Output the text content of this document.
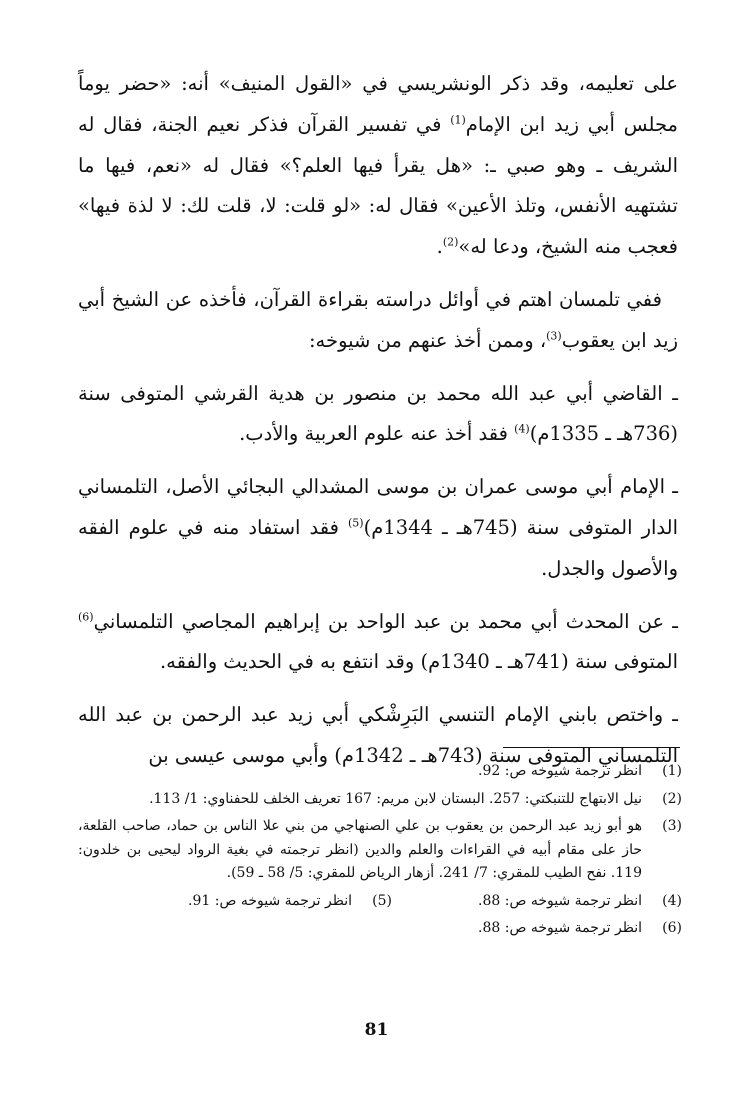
على تعليمه، وقد ذكر الونشريسي في «القول المنيف» أنه: «حضر يوماً مجلس أبي زيد ابن الإمام$^{(1)}$ في تفسير القرآن فذكر نعيم الجنة، فقال له الشريف ـ وهو صبي ـ: «هل يقرأ فيها العلم؟» فقال له «نعم، فيها ما تشتهيه الأنفس، وتلذ الأعين» فقال له: «لو قلت: لا، قلت لك: لا لذة فيها» فعجب منه الشيخ، ودعا له»$^{(2)}$.

ففي تلمسان اهتم في أوائل دراسته بقراءة القرآن، فأخذه عن الشيخ أبي زيد ابن يعقوب$^{(3)}$، وممن أخذ عنهم من شيوخه:

ـ القاضي أبي عبد الله محمد بن منصور بن هدية القرشي المتوفى سنة (736هـ ـ 1335م)$^{(4)}$ فقد أخذ عنه علوم العربية والأدب.

ـ الإمام أبي موسى عمران بن موسى المشدالي البجائي الأصل، التلمساني الدار المتوفى سنة (745هـ ـ 1344م)$^{(5)}$ فقد استفاد منه في علوم الفقه والأصول والجدل.

ـ عن المحدث أبي محمد بن عبد الواحد بن إبراهيم المجاصي التلمساني$^{(6)}$ المتوفى سنة (741هـ ـ 1340م) وقد انتفع به في الحديث والفقه.

ـ واختص بابني الإمام التنسي البَرِشْكي أبي زيد عبد الرحمن بن عبد الله التلمساني المتوفى سنة (743هـ ـ 1342م) وأبي موسى عيسى بن

(1)
انظر ترجمة شيوخه ص: 92.
(2)
نيل الابتهاج للتنبكتي: 257. البستان لابن مريم: 167 تعريف الخلف للحفناوي: 1/ 113.
(3)
هو أبو زيد عبد الرحمن بن يعقوب بن علي الصنهاجي من بني علا الناس بن حماد، صاحب القلعة، حاز على مقام أبيه في القراءات والعلم والدين (انظر ترجمته في بغية الرواد ليحيى بن خلدون: 119. نفح الطيب للمقري: 7/ 241. أزهار الرياض للمقري: 5/ 58 ـ 59).
(4)
انظر ترجمة شيوخه ص: 88.
(5)
انظر ترجمة شيوخه ص: 91.
(6)
انظر ترجمة شيوخه ص: 88.
81
